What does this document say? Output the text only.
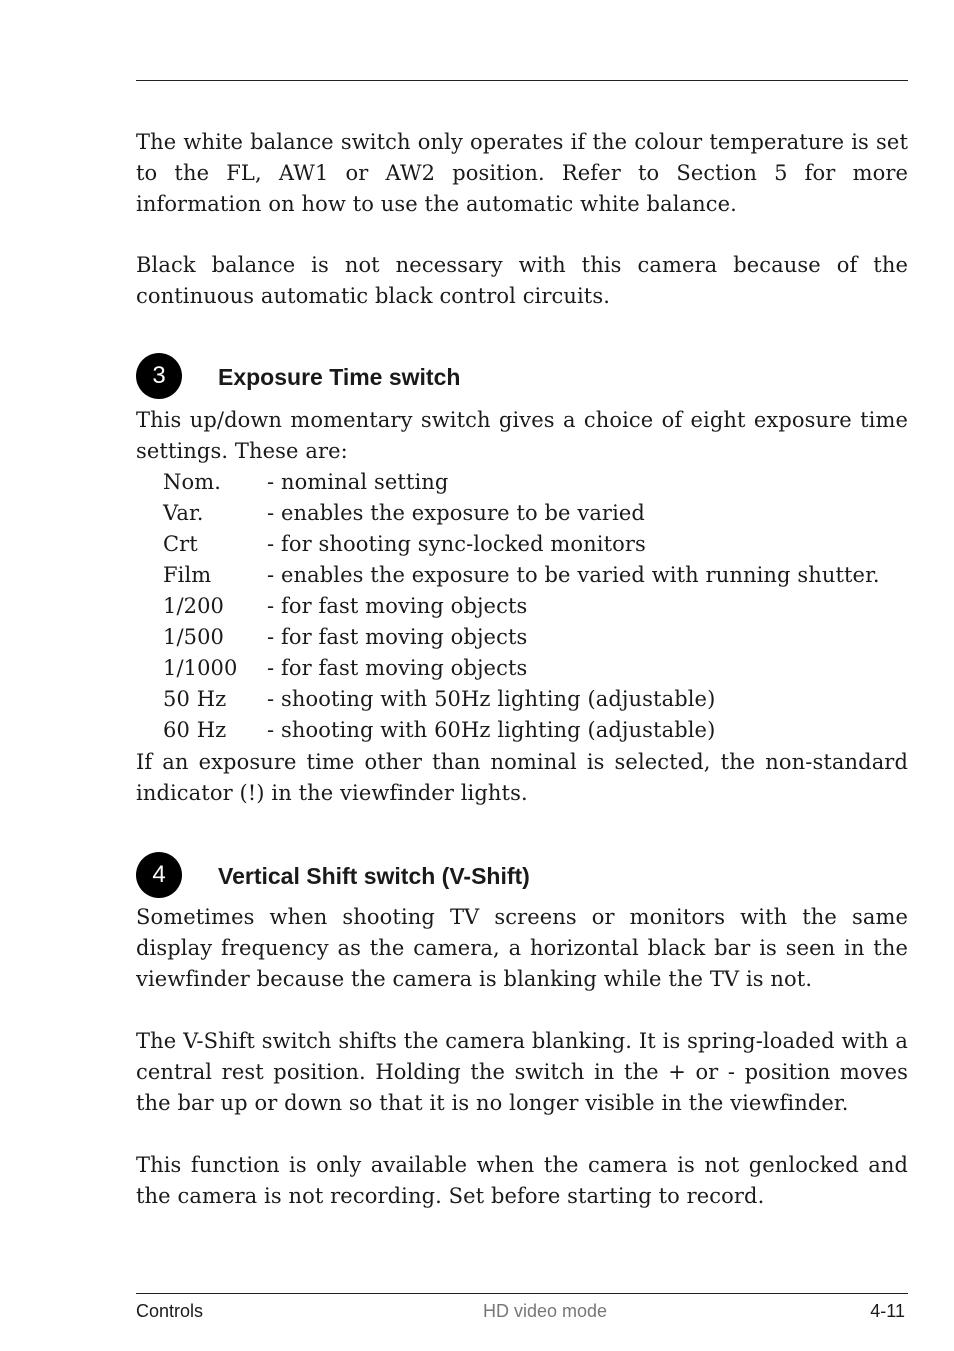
The white balance switch only operates if the colour temperature is set to the FL, AW1 or AW2 position. Refer to Section 5 for more information on how to use the automatic white balance.

Black balance is not necessary with this camera because of the continuous automatic black control circuits.

3	Exposure Time switch

This up/down momentary switch gives a choice of eight exposure time settings. These are:

Nom.	- nominal setting
Var.	- enables the exposure to be varied
Crt	- for shooting sync-locked monitors
Film	- enables the exposure to be varied with running shutter.
1/200	- for fast moving objects
1/500	- for fast moving objects
1/1000	- for fast moving objects
50 Hz	- shooting with 50Hz lighting (adjustable)
60 Hz	- shooting with 60Hz lighting (adjustable)

If an exposure time other than nominal is selected, the non-standard indicator (!) in the viewfinder lights.

4	Vertical Shift switch (V-Shift)

Sometimes when shooting TV screens or monitors with the same display frequency as the camera, a horizontal black bar is seen in the viewfinder because the camera is blanking while the TV is not.

The V-Shift switch shifts the camera blanking. It is spring-loaded with a central rest position. Holding the switch in the + or - position moves the bar up or down so that it is no longer visible in the viewfinder.

This function is only available when the camera is not genlocked and the camera is not recording. Set before starting to record.

Controls	HD video mode	4-11
